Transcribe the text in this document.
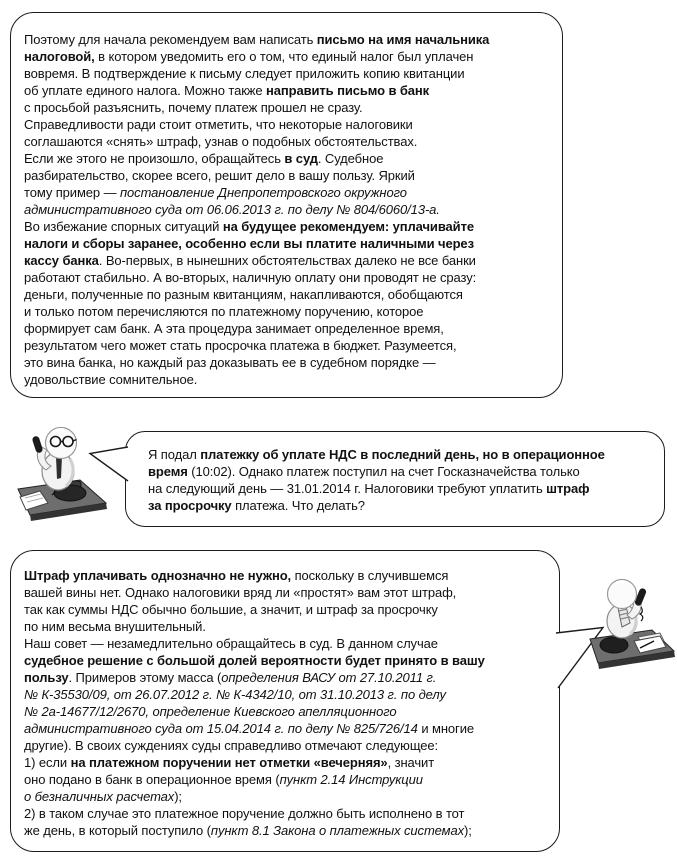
Поэтому для начала рекомендуем вам написать письмо на имя начальника
налоговой, в котором уведомить его о том, что единый налог был уплачен
вовремя. В подтверждение к письму следует приложить копию квитанции
об уплате единого налога. Можно также направить письмо в банк
с просьбой разъяснить, почему платеж прошел не сразу.
Справедливости ради стоит отметить, что некоторые налоговики
соглашаются «снять» штраф, узнав о подобных обстоятельствах.
Если же этого не произошло, обращайтесь в суд. Судебное
разбирательство, скорее всего, решит дело в вашу пользу. Яркий
тому пример — постановление Днепропетровского окружного
административного суда от 06.06.2013 г. по делу № 804/6060/13-а.
Во избежание спорных ситуаций на будущее рекомендуем: уплачивайте
налоги и сборы заранее, особенно если вы платите наличными через
кассу банка. Во-первых, в нынешних обстоятельствах далеко не все банки
работают стабильно. А во-вторых, наличную оплату они проводят не сразу:
деньги, полученные по разным квитанциям, накапливаются, обобщаются
и только потом перечисляются по платежному поручению, которое
формирует сам банк. А эта процедура занимает определенное время,
результатом чего может стать просрочка платежа в бюджет. Разумеется,
это вина банка, но каждый раз доказывать ее в судебном порядке —
удовольствие сомнительное.
Я подал платежку об уплате НДС в последний день, но в операционное
время (10:02). Однако платеж поступил на счет Госказначейства только
на следующий день — 31.01.2014 г. Налоговики требуют уплатить штраф
за просрочку платежа. Что делать?
Штраф уплачивать однозначно не нужно, поскольку в случившемся
вашей вины нет. Однако налоговики вряд ли «простят» вам этот штраф,
так как суммы НДС обычно большие, а значит, и штраф за просрочку
по ним весьма внушительный.
Наш совет — незамедлительно обращайтесь в суд. В данном случае
судебное решение с большой долей вероятности будет принято в вашу
пользу. Примеров этому масса (определения ВАСУ от 27.10.2011 г.
№ К-35530/09, от 26.07.2012 г. № К-4342/10, от 31.10.2013 г. по делу
№ 2а-14677/12/2670, определение Киевского апелляционного
административного суда от 15.04.2014 г. по делу № 825/726/14 и многие
другие). В своих суждениях суды справедливо отмечают следующее:
1) если на платежном поручении нет отметки «вечерняя», значит
оно подано в банк в операционное время (пункт 2.14 Инструкции
о безналичных расчетах);
2) в таком случае это платежное поручение должно быть исполнено в тот
же день, в который поступило (пункт 8.1 Закона о платежных системах);
